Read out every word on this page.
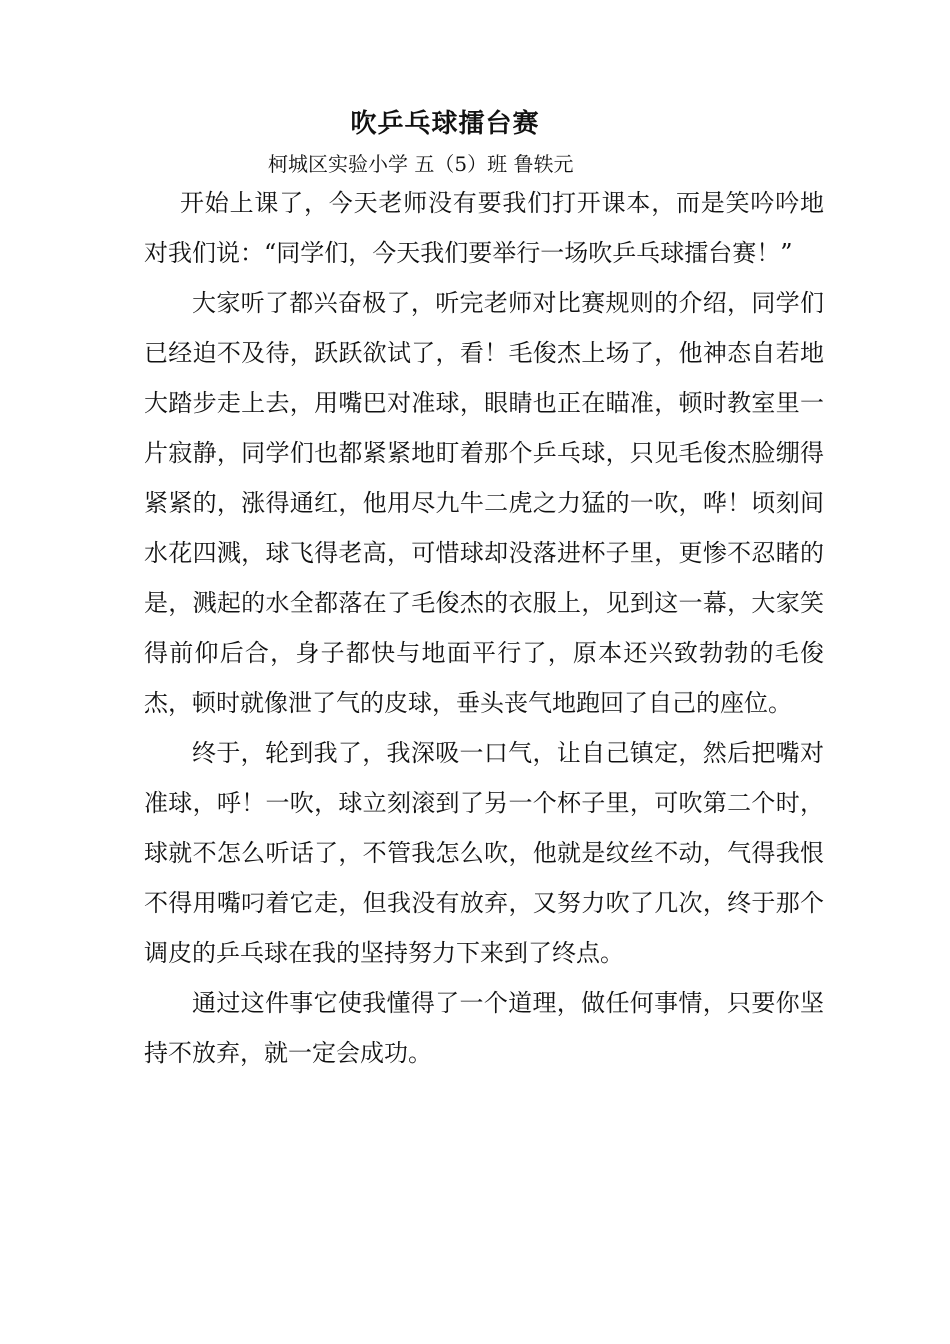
吹乒乓球擂台赛
柯城区实验小学 五（5）班 鲁轶元

开始上课了，今天老师没有要我们打开课本，而是笑吟吟地对我们说：“同学们，今天我们要举行一场吹乒乓球擂台赛！”

大家听了都兴奋极了，听完老师对比赛规则的介绍，同学们已经迫不及待，跃跃欲试了，看！毛俊杰上场了，他神态自若地大踏步走上去，用嘴巴对准球，眼睛也正在瞄准，顿时教室里一片寂静，同学们也都紧紧地盯着那个乒乓球，只见毛俊杰脸绷得紧紧的，涨得通红，他用尽九牛二虎之力猛的一吹，哗！顷刻间水花四溅，球飞得老高，可惜球却没落进杯子里，更惨不忍睹的是，溅起的水全都落在了毛俊杰的衣服上，见到这一幕，大家笑得前仰后合，身子都快与地面平行了，原本还兴致勃勃的毛俊杰，顿时就像泄了气的皮球，垂头丧气地跑回了自己的座位。

终于，轮到我了，我深吸一口气，让自己镇定，然后把嘴对准球，呼！一吹，球立刻滚到了另一个杯子里，可吹第二个时，球就不怎么听话了，不管我怎么吹，他就是纹丝不动，气得我恨不得用嘴叼着它走，但我没有放弃，又努力吹了几次，终于那个调皮的乒乓球在我的坚持努力下来到了终点。

通过这件事它使我懂得了一个道理，做任何事情，只要你坚持不放弃，就一定会成功。
